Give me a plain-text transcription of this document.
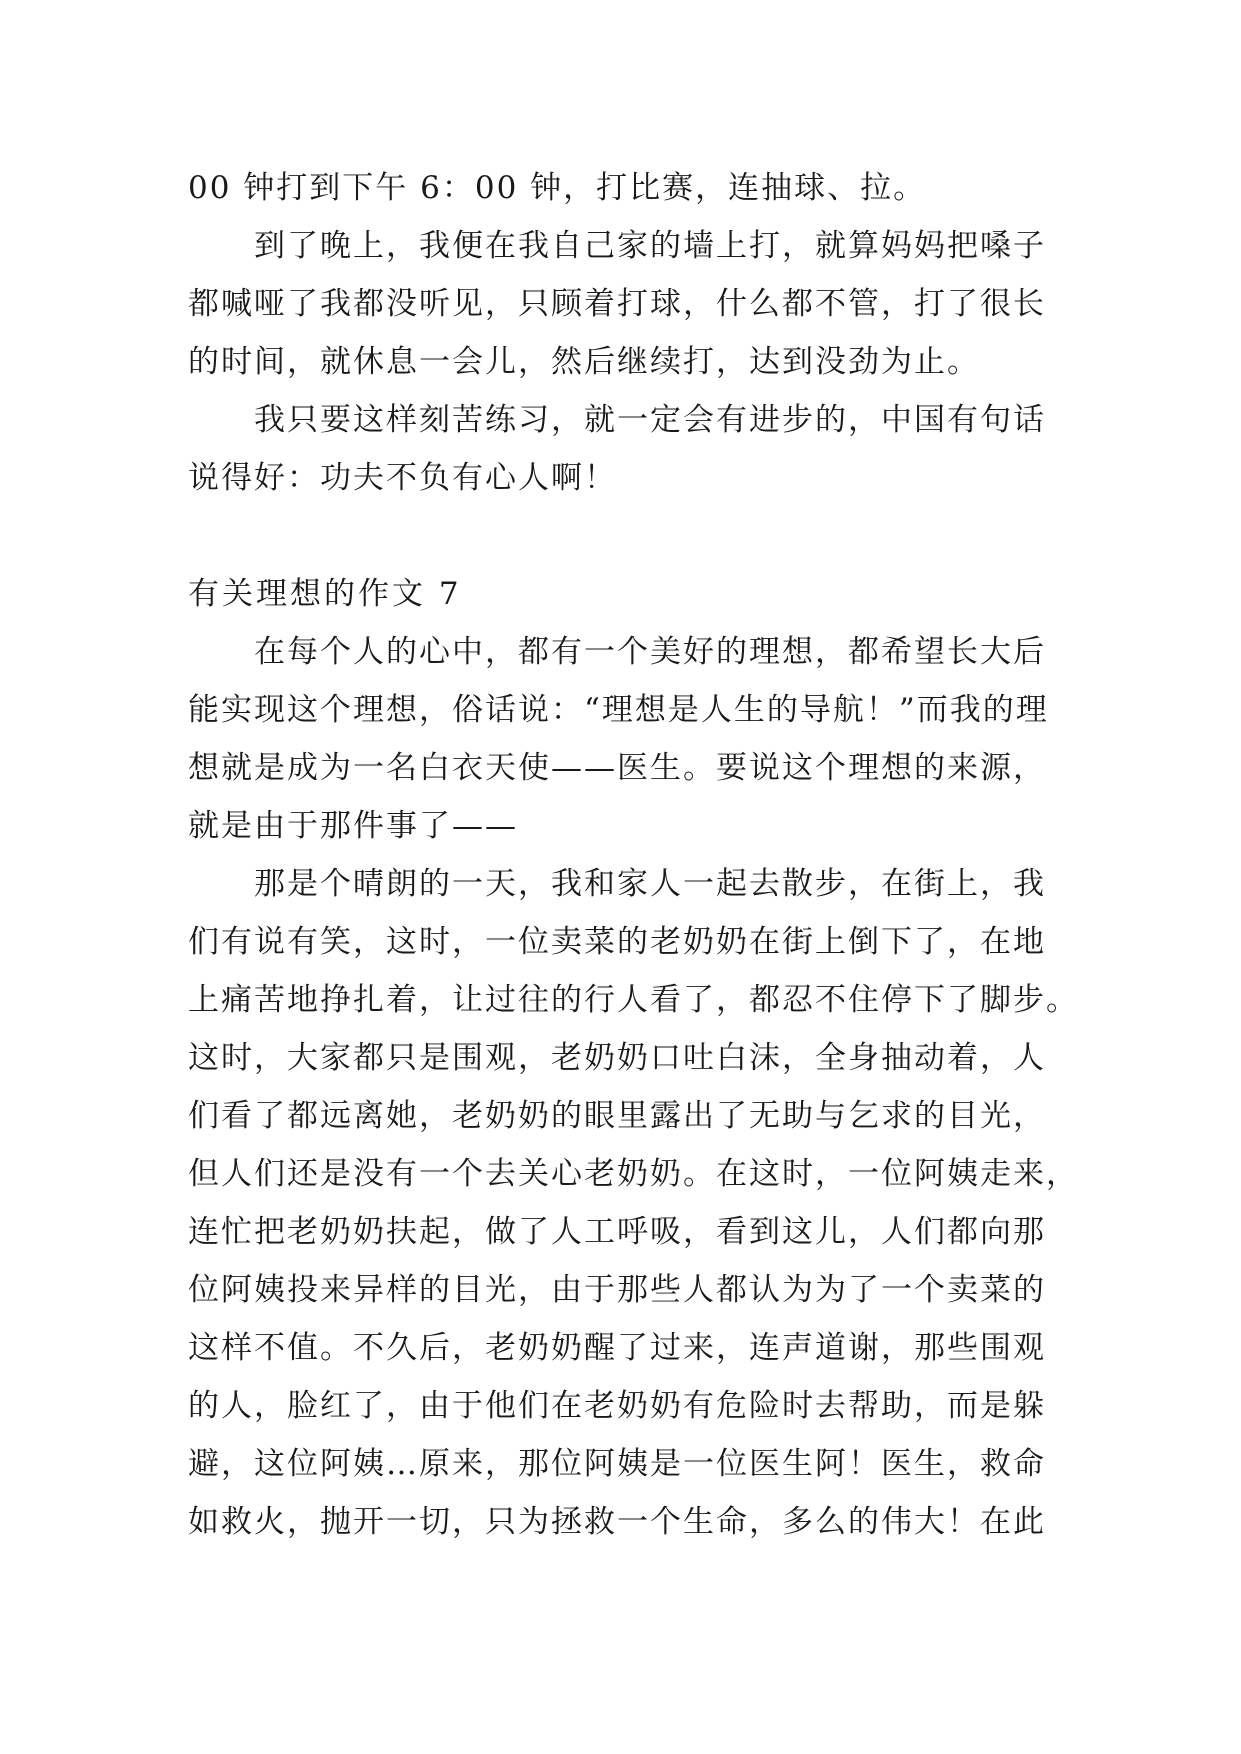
00 钟打到下午 6：00 钟，打比赛，连抽球、拉。
到了晚上，我便在我自己家的墙上打，就算妈妈把嗓子
都喊哑了我都没听见，只顾着打球，什么都不管，打了很长
的时间，就休息一会儿，然后继续打，达到没劲为止。
我只要这样刻苦练习，就一定会有进步的，中国有句话
说得好：功夫不负有心人啊！
有关理想的作文 7
在每个人的心中，都有一个美好的理想，都希望长大后
能实现这个理想，俗话说：“理想是人生的导航！”而我的理
想就是成为一名白衣天使——医生。要说这个理想的来源，
就是由于那件事了——
那是个晴朗的一天，我和家人一起去散步，在街上，我
们有说有笑，这时，一位卖菜的老奶奶在街上倒下了，在地
上痛苦地挣扎着，让过往的行人看了，都忍不住停下了脚步。
这时，大家都只是围观，老奶奶口吐白沫，全身抽动着，人
们看了都远离她，老奶奶的眼里露出了无助与乞求的目光，
但人们还是没有一个去关心老奶奶。在这时，一位阿姨走来，
连忙把老奶奶扶起，做了人工呼吸，看到这儿，人们都向那
位阿姨投来异样的目光，由于那些人都认为为了一个卖菜的
这样不值。不久后，老奶奶醒了过来，连声道谢，那些围观
的人，脸红了，由于他们在老奶奶有危险时去帮助，而是躲
避，这位阿姨…原来，那位阿姨是一位医生阿！医生，救命
如救火，抛开一切，只为拯救一个生命，多么的伟大！在此
